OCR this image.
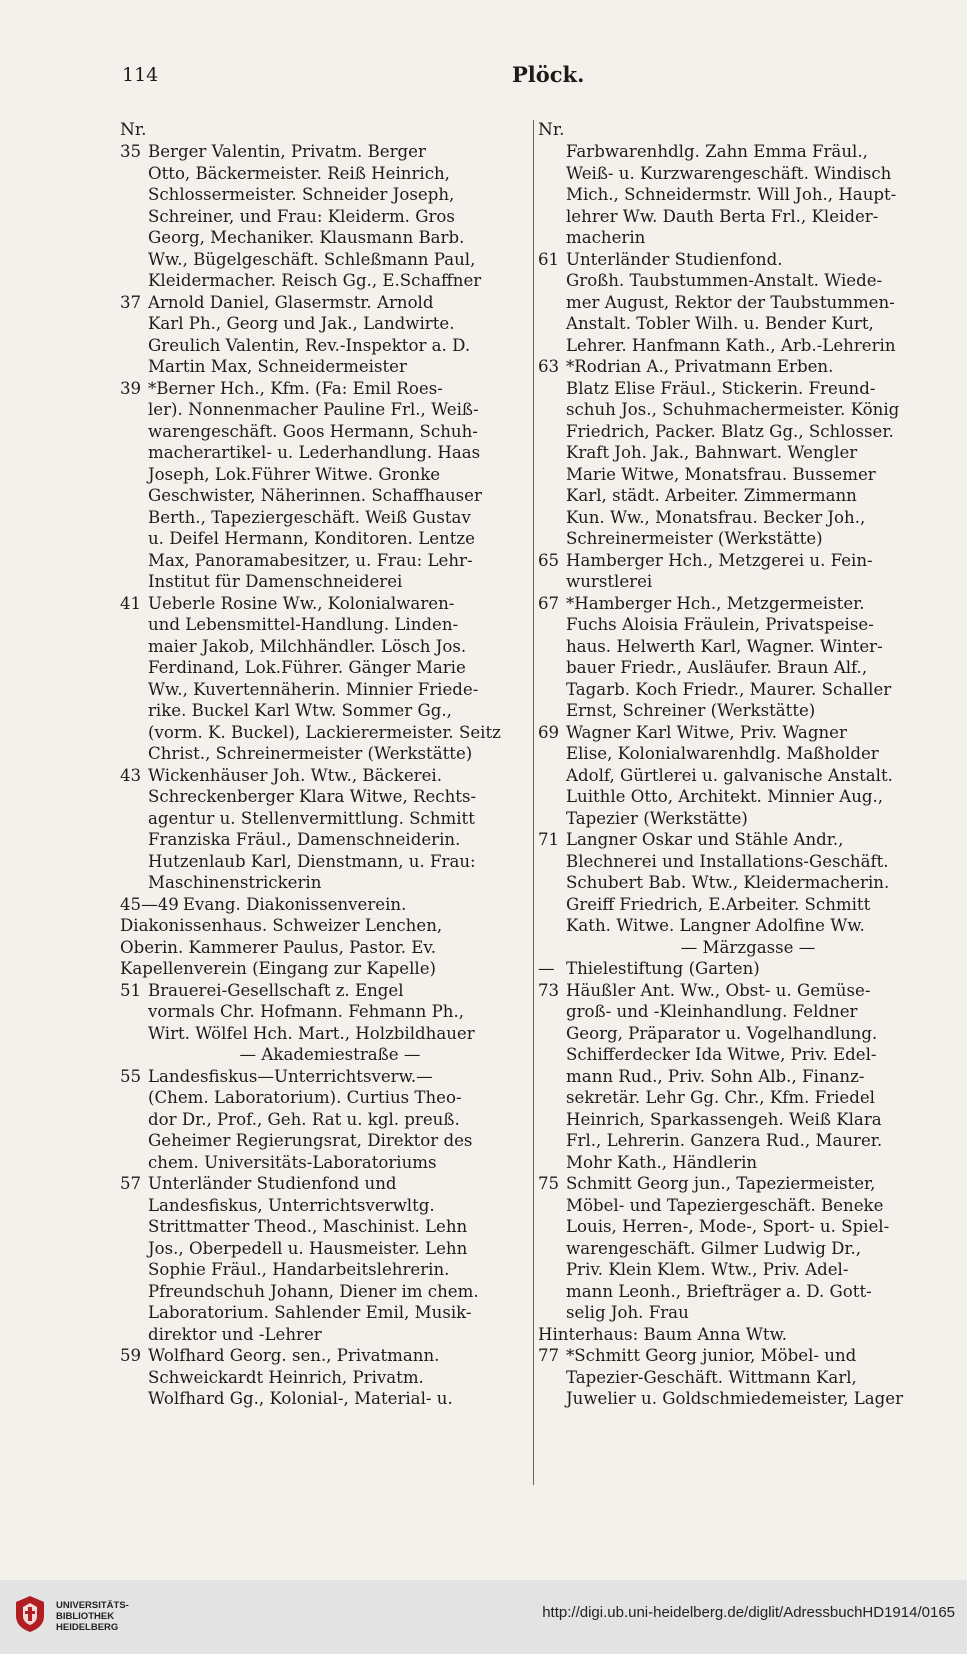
114	Plöck.
Nr.
35 Berger Valentin, Privatm. Berger
Otto, Bäckermeister. Reiß Heinrich,
Schlossermeister. Schneider Joseph,
Schreiner, und Frau: Kleiderm. Gros
Georg, Mechaniker. Klausmann Barb.
Ww., Bügelgeschäft. Schleßmann Paul,
Kleidermacher. Reisch Gg., E.Schaffner
37 Arnold Daniel, Glasermstr. Arnold
Karl Ph., Georg und Jak., Landwirte.
Greulich Valentin, Rev.-Inspektor a. D.
Martin Max, Schneidermeister
39 *Berner Hch., Kfm. (Fa: Emil Roes-
ler). Nonnenmacher Pauline Frl., Weiß-
warengeschäft. Goos Hermann, Schuh-
macherartikel- u. Lederhandlung. Haas
Joseph, Lok.Führer Witwe. Gronke
Geschwister, Näherinnen. Schaffhauser
Berth., Tapeziergeschäft. Weiß Gustav
u. Deifel Hermann, Konditoren. Lentze
Max, Panoramabesitzer, u. Frau: Lehr-
Institut für Damenschneiderei
41 Ueberle Rosine Ww., Kolonialwaren-
und Lebensmittel-Handlung. Linden-
maier Jakob, Milchhändler. Lösch Jos.
Ferdinand, Lok.Führer. Gänger Marie
Ww., Kuvertennäherin. Minnier Friede-
rike. Buckel Karl Wtw. Sommer Gg.,
(vorm. K. Buckel), Lackierermeister. Seitz
Christ., Schreinermeister (Werkstätte)
43 Wickenhäuser Joh. Wtw., Bäckerei.
Schreckenberger Klara Witwe, Rechts-
agentur u. Stellenvermittlung. Schmitt
Franziska Fräul., Damenschneiderin.
Hutzenlaub Karl, Dienstmann, u. Frau:
Maschinenstrickerin
45—49 Evang. Diakonissenverein.
Diakonissenhaus. Schweizer Lenchen,
Oberin. Kammerer Paulus, Pastor. Ev.
Kapellenverein (Eingang zur Kapelle)
51 Brauerei-Gesellschaft z. Engel
vormals Chr. Hofmann. Fehmann Ph.,
Wirt. Wölfel Hch. Mart., Holzbildhauer
— Akademiestraße —
55 Landesfiskus—Unterrichtsverw.—
(Chem. Laboratorium). Curtius Theo-
dor Dr., Prof., Geh. Rat u. kgl. preuß.
Geheimer Regierungsrat, Direktor des
chem. Universitäts-Laboratoriums
57 Unterländer Studienfond und
Landesfiskus, Unterrichtsverwltg.
Strittmatter Theod., Maschinist. Lehn
Jos., Oberpedell u. Hausmeister. Lehn
Sophie Fräul., Handarbeitslehrerin.
Pfreundschuh Johann, Diener im chem.
Laboratorium. Sahlender Emil, Musik-
direktor und -Lehrer
59 Wolfhard Georg. sen., Privatmann.
Schweickardt Heinrich, Privatm.
Wolfhard Gg., Kolonial-, Material- u.
Nr.
Farbwarenhdlg. Zahn Emma Fräul.,
Weiß- u. Kurzwarengeschäft. Windisch
Mich., Schneidermstr. Will Joh., Haupt-
lehrer Ww. Dauth Berta Frl., Kleider-
macherin
61 Unterländer Studienfond.
Großh. Taubstummen-Anstalt. Wiede-
mer August, Rektor der Taubstummen-
Anstalt. Tobler Wilh. u. Bender Kurt,
Lehrer. Hanfmann Kath., Arb.-Lehrerin
63 *Rodrian A., Privatmann Erben.
Blatz Elise Fräul., Stickerin. Freund-
schuh Jos., Schuhmachermeister. König
Friedrich, Packer. Blatz Gg., Schlosser.
Kraft Joh. Jak., Bahnwart. Wengler
Marie Witwe, Monatsfrau. Bussemer
Karl, städt. Arbeiter. Zimmermann
Kun. Ww., Monatsfrau. Becker Joh.,
Schreinermeister (Werkstätte)
65 Hamberger Hch., Metzgerei u. Fein-
wurstlerei
67 *Hamberger Hch., Metzgermeister.
Fuchs Aloisia Fräulein, Privatspeise-
haus. Helwerth Karl, Wagner. Winter-
bauer Friedr., Ausläufer. Braun Alf.,
Tagarb. Koch Friedr., Maurer. Schaller
Ernst, Schreiner (Werkstätte)
69 Wagner Karl Witwe, Priv. Wagner
Elise, Kolonialwarenhdlg. Maßholder
Adolf, Gürtlerei u. galvanische Anstalt.
Luithle Otto, Architekt. Minnier Aug.,
Tapezier (Werkstätte)
71 Langner Oskar und Stähle Andr.,
Blechnerei und Installations-Geschäft.
Schubert Bab. Wtw., Kleidermacherin.
Greiff Friedrich, E.Arbeiter. Schmitt
Kath. Witwe. Langner Adolfine Ww.
— Märzgasse —
— Thielestiftung (Garten)
73 Häußler Ant. Ww., Obst- u. Gemüse-
groß- und -Kleinhandlung. Feldner
Georg, Präparator u. Vogelhandlung.
Schifferdecker Ida Witwe, Priv. Edel-
mann Rud., Priv. Sohn Alb., Finanz-
sekretär. Lehr Gg. Chr., Kfm. Friedel
Heinrich, Sparkassengeh. Weiß Klara
Frl., Lehrerin. Ganzera Rud., Maurer.
Mohr Kath., Händlerin
75 Schmitt Georg jun., Tapeziermeister,
Möbel- und Tapeziergeschäft. Beneke
Louis, Herren-, Mode-, Sport- u. Spiel-
warengeschäft. Gilmer Ludwig Dr.,
Priv. Klein Klem. Wtw., Priv. Adel-
mann Leonh., Briefträger a. D. Gott-
selig Joh. Frau
Hinterhaus: Baum Anna Wtw.
77 *Schmitt Georg junior, Möbel- und
Tapezier-Geschäft. Wittmann Karl,
Juwelier u. Goldschmiedemeister, Lager
UNIVERSITÄTS-
BIBLIOTHEK
HEIDELBERG
http://digi.ub.uni-heidelberg.de/diglit/AdressbuchHD1914/0165
